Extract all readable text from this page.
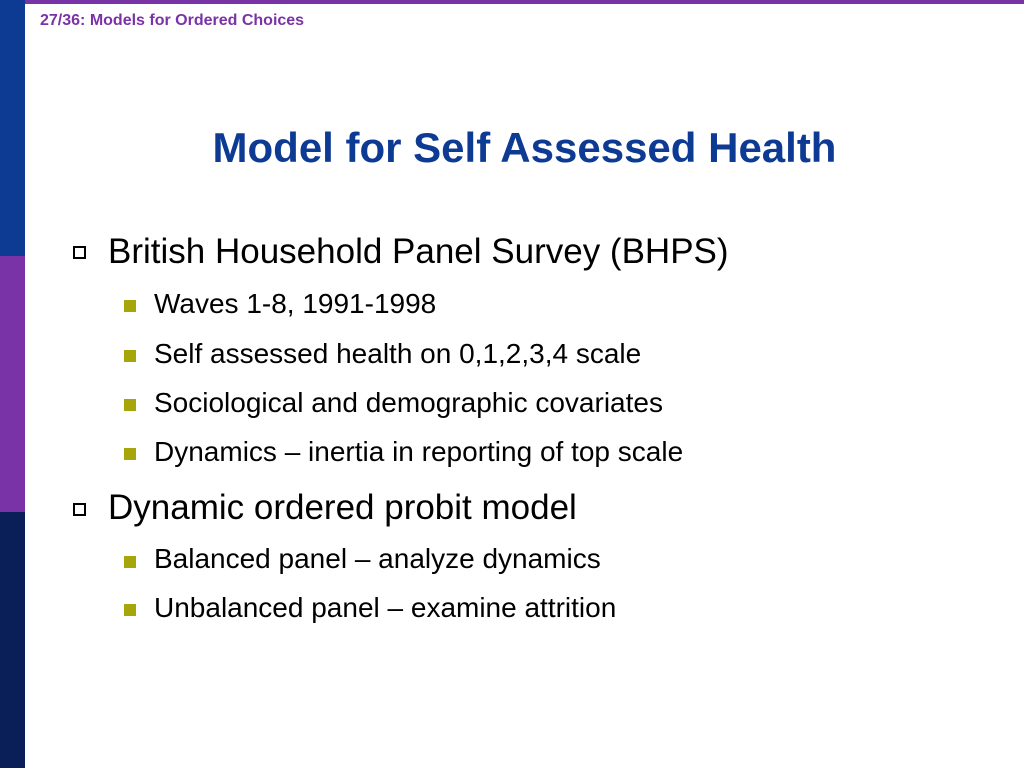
27/36: Models for Ordered Choices
Model for Self Assessed Health
British Household Panel Survey (BHPS)
Waves 1-8, 1991-1998
Self assessed health on 0,1,2,3,4 scale
Sociological and demographic covariates
Dynamics – inertia in reporting of top scale
Dynamic ordered probit model
Balanced panel – analyze dynamics
Unbalanced panel – examine attrition
